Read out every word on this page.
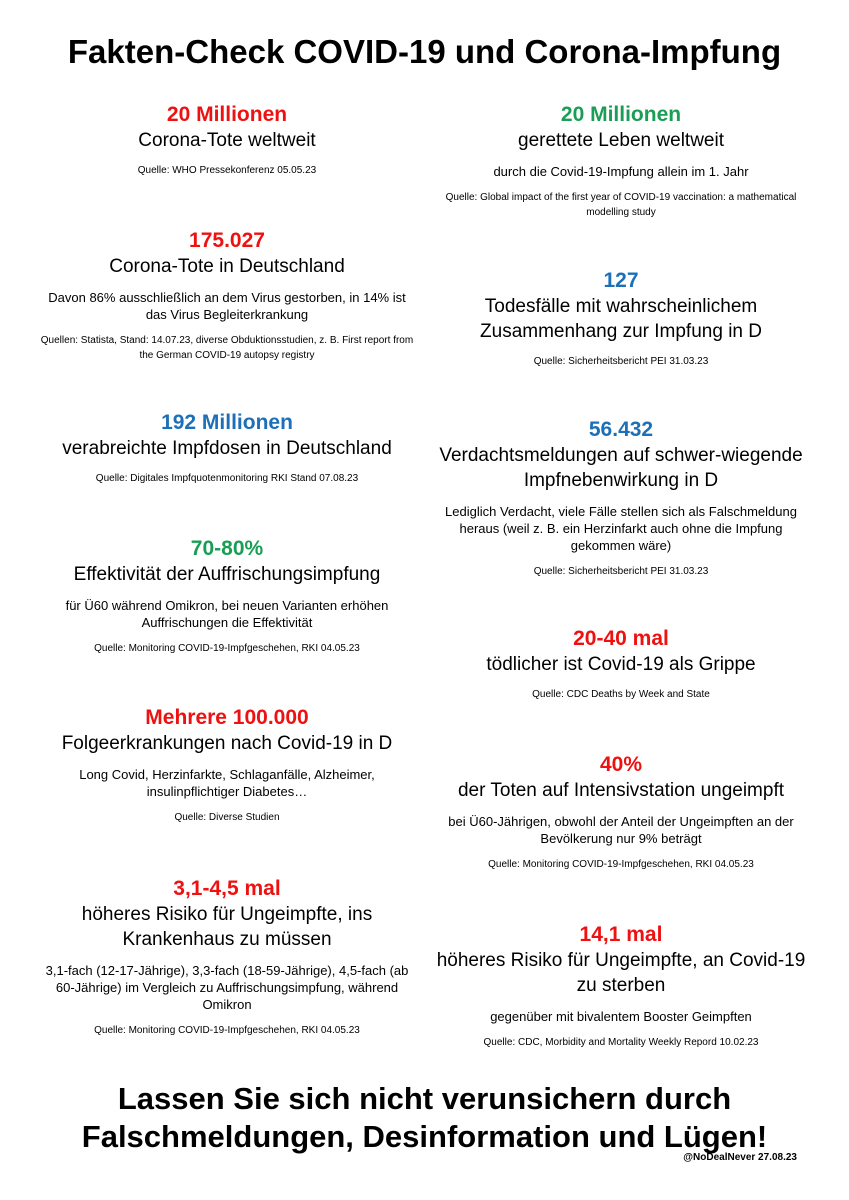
Fakten-Check COVID-19 und Corona-Impfung
20 Millionen
Corona-Tote weltweit
Quelle: WHO Pressekonferenz 05.05.23
175.027
Corona-Tote in Deutschland
Davon 86% ausschließlich an dem Virus gestorben, in 14% ist das Virus Begleiterkrankung
Quellen: Statista, Stand: 14.07.23, diverse Obduktionsstudien, z. B. First report from the German COVID-19 autopsy registry
192 Millionen
verabreichte Impfdosen in Deutschland
Quelle: Digitales Impfquotenmonitoring RKI Stand 07.08.23
70-80%
Effektivität der Auffrischungsimpfung
für Ü60 während Omikron, bei neuen Varianten erhöhen Auffrischungen die Effektivität
Quelle: Monitoring COVID-19-Impfgeschehen, RKI 04.05.23
Mehrere 100.000
Folgeerkrankungen nach Covid-19 in D
Long Covid, Herzinfarkte, Schlaganfälle, Alzheimer, insulinpflichtiger Diabetes…
Quelle: Diverse Studien
3,1-4,5 mal
höheres Risiko für Ungeimpfte, ins Krankenhaus zu müssen
3,1-fach (12-17-Jährige), 3,3-fach (18-59-Jährige), 4,5-fach (ab 60-Jährige) im Vergleich zu Auffrischungsimpfung, während Omikron
Quelle: Monitoring COVID-19-Impfgeschehen, RKI 04.05.23
20 Millionen
gerettete Leben weltweit
durch die Covid-19-Impfung allein im 1. Jahr
Quelle: Global impact of the first year of COVID-19 vaccination: a mathematical modelling study
127
Todesfälle mit wahrscheinlichem Zusammenhang zur Impfung in D
Quelle: Sicherheitsbericht PEI 31.03.23
56.432
Verdachtsmeldungen auf schwer-wiegende Impfnebenwirkung in D
Lediglich Verdacht, viele Fälle stellen sich als Falschmeldung heraus (weil z. B. ein Herzinfarkt auch ohne die Impfung gekommen wäre)
Quelle: Sicherheitsbericht PEI 31.03.23
20-40 mal
tödlicher ist Covid-19 als Grippe
Quelle: CDC Deaths by Week and State
40%
der Toten auf Intensivstation ungeimpft
bei Ü60-Jährigen, obwohl der Anteil der Ungeimpften an der Bevölkerung nur 9% beträgt
Quelle: Monitoring COVID-19-Impfgeschehen, RKI 04.05.23
14,1 mal
höheres Risiko für Ungeimpfte, an Covid-19 zu sterben
gegenüber mit bivalentem Booster Geimpften
Quelle: CDC, Morbidity and Mortality Weekly Repord 10.02.23
Lassen Sie sich nicht verunsichern durch Falschmeldungen, Desinformation und Lügen!
@NoDealNever 27.08.23
